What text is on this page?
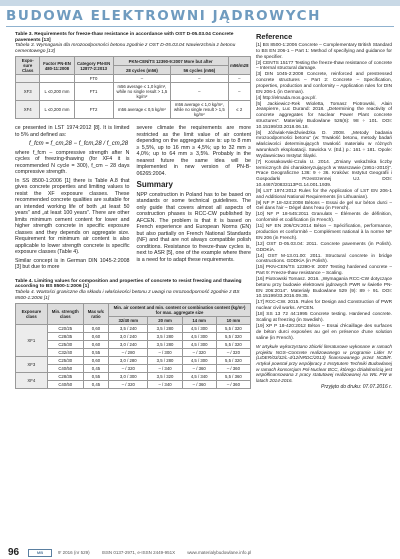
BUDOWA ELEKTROWNI JĄDROWYCH
Table 3. Requirements for freeze-thaw resistance in accordance with OST D-05.03.04 Concrete pavements [13]
Tabela 3. Wymagania dla mrozoodporności betonu zgodnie z OST D-05.03.04 Nawierzchnia z betonu cementowego [13]
Expo-sure Class	Factor PN-EN 480-11:2008	Category PN-EN 12877-2:2013	PKN-CEN/TS 12390-9:2007 More but after		m56/m28
			28 cycles (m56)	56 cycles (m56)	
		FT0	–	–	–
XF3	L ≤0,200 mm	FT1	m56 average ≤ 1,0 kg/m², while no single result > 1,5 kg/m²	–	–
XF4	L ≤0,200 mm	FT2	m56 average ≤ 0,5 kg/m²	m56 average ≤ 1,0 kg/m², while no single result > 1,5 kg/m²	≤ 2

ce presented in LST 1974:2012 [8]. It is limited to 5% and defined as:

f_fcm = f_cm,28 − f_fcm,28 / f_cm,28

where f_fcm – compressive strength after N cycles of freezing-thawing (for XF4 it is recommended N cycle = 300), f_cm – 28 days compressive strength.

In SS 8500-1:2006 [1] there is Table A.8 that gives concrete properties and limiting values to resist the XF exposure classes. These recommended concrete qualities are suitable for an intended working life of both „at least 50 years” and „at least 100 years”. There are other limits minimum cement content for lower and higher strength concrete in specific exposure classes and they depends on aggregate size. Requirement for minimum air content is also applicable to lower strength concrete is specific exposure classes (Table 4).

Similar concept is in German DIN 1045-2:2008 [3] but due to more

severe climate the requirements are more restricted as the limit value of air content depending on the aggregate size is: up to 8 mm ≥ 5,5%, up to 16 mm ≥ 4,5%; up to 32 mm ≥ 4,0%; up to 64 mm ≥ 3,5%. Probably in the nearest future the same idea will be implemented in new version of PN-B-06265:2004.

Summary

NPP construction in Poland has to be based on standards or some technical guidelines. The only guide that covers almost all aspects of construction phases is RCC-CW published by AFCEN. The problem is that it is based on French experience and European Norms (EN) but also partially on French National Standards (NF) and that are not always compatible polish conditions. Resistance to freeze-thaw cycles is, next to ASR [5], one of the example where there is a need for to adapt these requirements.

Table 4. Limiting values for composition and properties of concrete to resist freezing and thawing according to BS 8500-1:2006 [1]
Tabela 4. Wartości graniczne dla składu i właściwości betonu z uwagi na mrozoodporność zgodnie z BS 8500-1:2006 [1]
Exposure class	Min. strength class	Max w/c ratio	Min. air content and min. content or combination content (kg/m³) for max. aggregate size			
			32/40 mm	20 mm	14 mm	10 mm
XF1	C20/25	0,60	3,5 / 240	3,5 / 280	4,5 / 300	5,5 / 320
	C28/35	0,60	3,0 / 240	3,5 / 280	4,5 / 300	5,5 / 320
	C25/30	0,60	3,0 / 240	3,5 / 280	4,5 / 300	5,5 / 320
	C32/40	0,55	– / 280	– / 300	– / 320	– / 320
XF3	C25/30	0,60	3,0 / 280	3,5 / 280	4,5 / 300	5,5 / 320
	C40/50	0,45	– / 320	– / 340	– / 360	– / 360
XF4	C28/35	0,55	3,0 / 300	3,5 / 320	4,5 / 340	5,5 / 360
	C40/50	0,45	– / 320	– / 340	– / 360	– / 360
Reference

[1] BS 8500-1:2006 Concrete – Complementary British Standard to BS EN 206-1 – Part 1: Method of specifying and guidance for the specifier.

[2] CENTS 15177 Testing the freeze-thaw resistance of concrete – Internal structural damage.

[3] DIN 1045-2:2008 Concrete, reinforced and prestressed concrete structures – Part 2: Concrete – Specification, properties, production and conformity – Application rules for DIN EN 206-1 (in German).

[4] http://elmada.mos.gov.pl/.

[5] Jackiewicz-Rek Wioletta, Tomasz Piotrowski, Alain Jeanpierre, Luc Durand: 2018. „Determining the reactivity of concrete aggregates for Nuclear Power Plant concrete structures”. Materiały Budowlane 526(6): 98 ÷ 101. DOI: 10.15199/33.2018.06.18.

[6] Jóźwiak-Niedźwiedzka D. 2008. „Metody badania mrozoodporności betonu” (w: Trwałość betonu, metody badań właściwości determinujących trwałość materiału w różnych warunkach eksploatacji. Sawicka V. (Ed.) p.: 161 ÷ 181. Opole: Wydawnictwo Instytut Śląski.

[7] Kossakowski-Czuła U. 2014. „Zmiany wskaźnika liczby termicznych dni charakteryzujących w Warszawie (1951÷2010)”. Prace Geograficzne 136: 9 ÷ 36. Kraków: Instytut Geografii i Gospodarki Przestrzennej UJ. DOI: 10.4467/20833113PG.14.001.1939.

[8] LST 1974:2012 Rules for the Application of LST EN 206-1 and Additional National Requirements (in Lithuanian).

[9] NF P 18-424:2008 Bétons – Essai de gel sur béton durci – Gel dans l'air – Dégel dans l'eau (in French).

[10] NF P 18-545:2011 Granulats – Éléments de définition, conformité et codification (in French).

[11] NF EN 206/CN:2014 Béton – Spécification, performance, production et conformité – Complément national à la norme NF EN 206 (in French).

[12] OST D-05.03.04: 2011. Concrete pavements (in Polish). GDDKiA.

[14] OST M-13.01.00: 2011. Structural concrete in bridge constructions. GDDKiA (in Polish).

[15] PKN-CEN/TS 12390-9: 2007 Testing hardened concrete – Part 9: Freeze-thaw resistance – Scaling.

[16] Piotrowski Tomasz. 2016. „Wymagania RCC-CW dotyczące betonu przy budowie elektrowni jądrowych PWR w świetle PN-EN 206:2014”. Materiały Budowlane 529 (9): 89 ÷ 91. DOI: 10.15199/33.2016.09.35.

[17] RCC-CW. 2015. Rules for Design and Construction of PWR nuclear civil works. AFCEN.

[18] SS 13 72 44:1995 Concrete testing. Hardened concrete. Scaling at freezing (in Swedish).

[19] XP P 18-420:2012 Béton – Essai d'écaillage des surfaces de béton durci exposées au gel en présence d'une solution saline (in French).

W artykule wykorzystano zbiorki literaturowe wykonane w ramach projektu NGS–Concrete realizowanego w programie Lider IV (LIDER/03/32/L-4/12/NRDC/2013) finansowanego przez NCBiR. Artykuł powstał przy współpracy z Instytutem Techniki Budowlanej w ramach konsorcjum Pol-Nuclear BCC, którego działalnością jest współfinansowana z pracy statutowej realizowanej na WIL PW w latach 2014-2016.
Przyjęto do druku: 07.07.2016 r.
96	MB	9' 2016 (nr 529)	ISSN 0137-2971, e-ISSN 2449-951X	www.materialybudowlane.info.pl
